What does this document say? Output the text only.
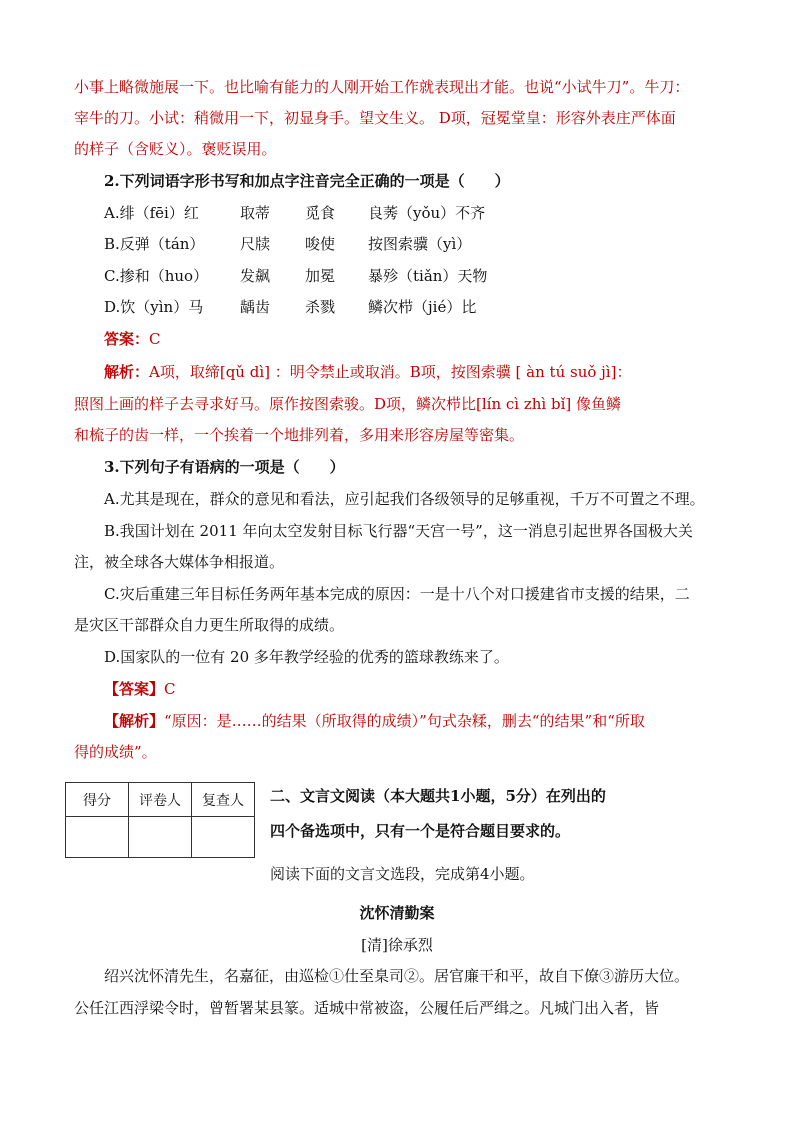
小事上略微施展一下。也比喻有能力的人刚开始工作就表现出才能。也说“小试牛刀”。牛刀：
宰牛的刀。小试：稍微用一下，初显身手。望文生义。 D项，冠冕堂皇：形容外表庄严体面
的样子（含贬义）。褒贬误用。
2.下列词语字形书写和加点字注音完全正确的一项是（　　）
A.绯（fēi）红	取蒂 觅食 良莠（yǒu）不齐
B.反弹（tán） 尺牍 唆使 按图索骥（yì）
C.掺和（huo） 发飙 加冕 暴殄（tiǎn）天物
D.饮（yìn）马 龋齿 杀戮 鳞次栉（jié）比
答案：C
解析：A项，取缔[qǔ dì] ：明令禁止或取消。B项，按图索骥 [ àn tú suǒ jì]：
照图上画的样子去寻求好马。原作按图索骏。D项，鳞次栉比[lín cì zhì bǐ] 像鱼鳞
和梳子的齿一样，一个挨着一个地排列着，多用来形容房屋等密集。
3.下列句子有语病的一项是（　　）
A.尤其是现在，群众的意见和看法，应引起我们各级领导的足够重视，千万不可置之不理。
B.我国计划在 2011 年向太空发射目标飞行器“天宫一号”，这一消息引起世界各国极大关
注，被全球各大媒体争相报道。
C.灾后重建三年目标任务两年基本完成的原因：一是十八个对口援建省市支援的结果，二
是灾区干部群众自力更生所取得的成绩。
D.国家队的一位有 20 多年教学经验的优秀的篮球教练来了。
【答案】C
【解析】“原因：是……的结果（所取得的成绩）”句式杂糅，删去“的结果”和“所取
得的成绩”。
得分	评卷人	复查人
		二、文言文阅读（本大题共1小题，5分）在列出的
四个备选项中，只有一个是符合题目要求的。
阅读下面的文言文选段，完成第4小题。
沈怀清勤案
[清]徐承烈
绍兴沈怀清先生，名嘉征，由巡检①仕至臬司②。居官廉干和平，故自下僚③游历大位。
公任江西浮梁令时，曾暂署某县篆。适城中常被盗，公履任后严缉之。凡城门出入者，皆
